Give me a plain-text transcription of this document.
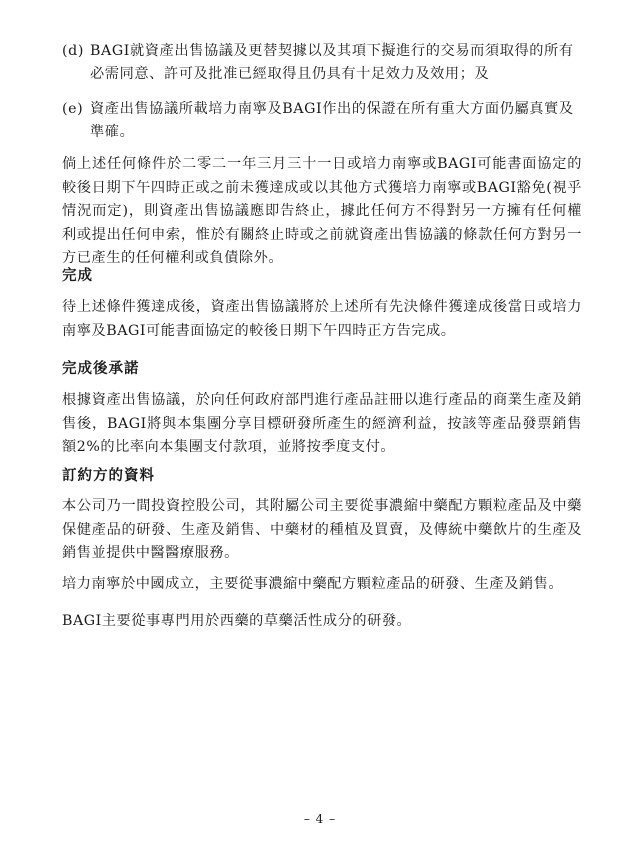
(d) BAGI就資產出售協議及更替契據以及其項下擬進行的交易而須取得的所有必需同意、許可及批准已經取得且仍具有十足效力及效用；及
(e) 資產出售協議所載培力南寧及BAGI作出的保證在所有重大方面仍屬真實及準確。

倘上述任何條件於二零二一年三月三十一日或培力南寧或BAGI可能書面協定的較後日期下午四時正或之前未獲達成或以其他方式獲培力南寧或BAGI豁免(視乎情況而定)，則資產出售協議應即告終止，據此任何方不得對另一方擁有任何權利或提出任何申索，惟於有關終止時或之前就資產出售協議的條款任何方對另一方已產生的任何權利或負債除外。

完成

待上述條件獲達成後，資產出售協議將於上述所有先決條件獲達成後當日或培力南寧及BAGI可能書面協定的較後日期下午四時正方告完成。

完成後承諾

根據資產出售協議，於向任何政府部門進行產品註冊以進行產品的商業生產及銷售後，BAGI將與本集團分享目標研發所產生的經濟利益，按該等產品發票銷售額2%的比率向本集團支付款項，並將按季度支付。

訂約方的資料

本公司乃一間投資控股公司，其附屬公司主要從事濃縮中藥配方顆粒產品及中藥保健產品的研發、生產及銷售、中藥材的種植及買賣，及傳統中藥飲片的生產及銷售並提供中醫醫療服務。

培力南寧於中國成立，主要從事濃縮中藥配方顆粒產品的研發、生產及銷售。

BAGI主要從事專門用於西藥的草藥活性成分的研發。

– 4 –
